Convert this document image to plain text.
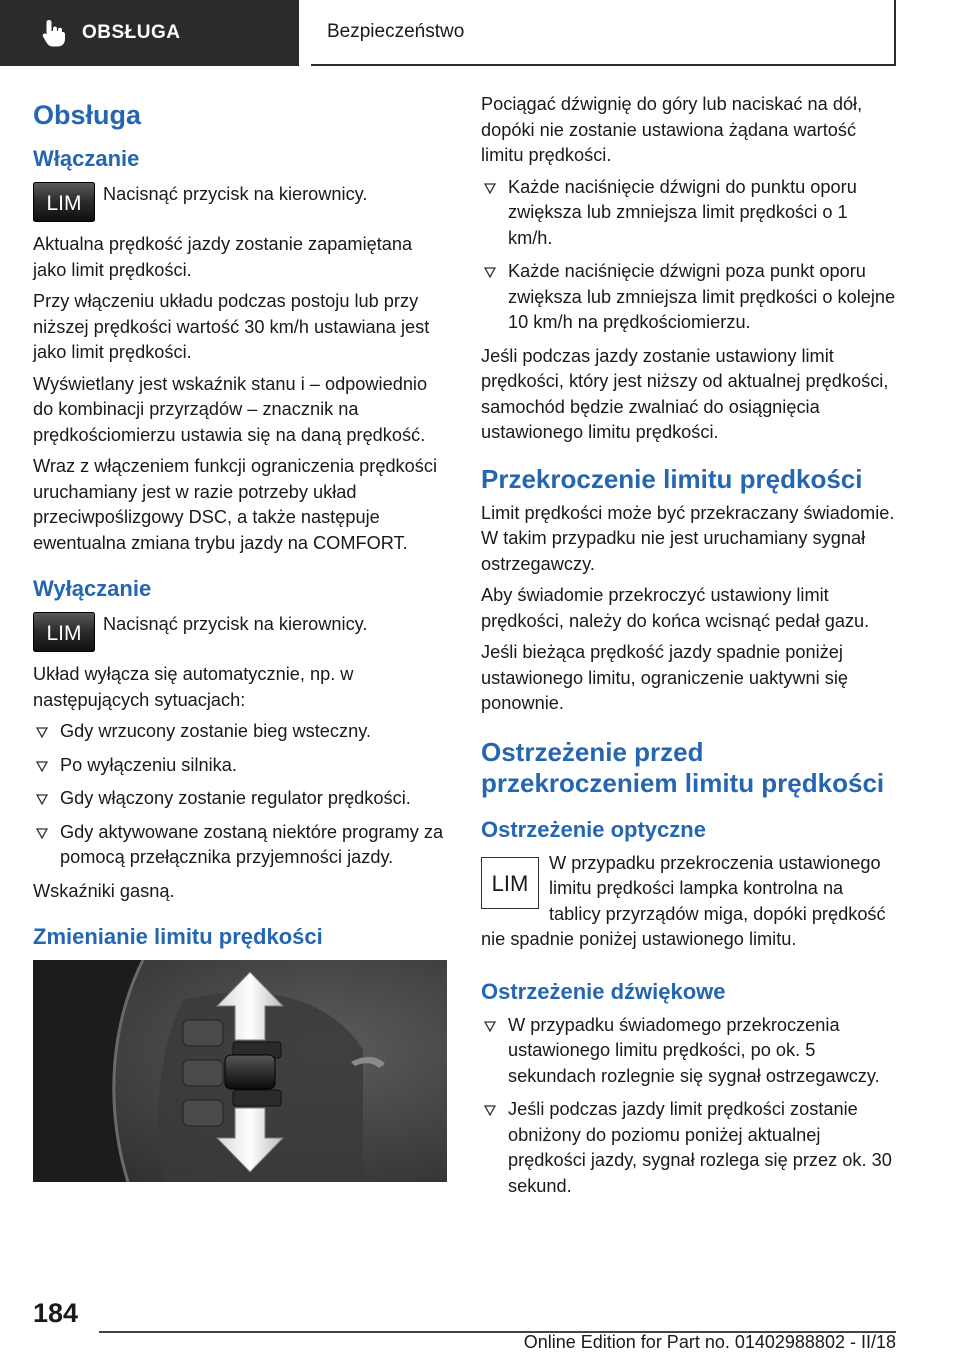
OBSŁUGA	Bezpieczeństwo
Obsługa
Włączanie
LIM Nacisnąć przycisk na kierownicy.
Aktualna prędkość jazdy zostanie zapamiętana jako limit prędkości.
Przy włączeniu układu podczas postoju lub przy niższej prędkości wartość 30 km/h ustawiana jest jako limit prędkości.
Wyświetlany jest wskaźnik stanu i – odpowiednio do kombinacji przyrządów – znacznik na prędkościomierzu ustawia się na daną prędkość.
Wraz z włączeniem funkcji ograniczenia prędkości uruchamiany jest w razie potrzeby układ przeciwpoślizgowy DSC, a także następuje ewentualna zmiana trybu jazdy na COMFORT.
Wyłączanie
LIM Nacisnąć przycisk na kierownicy.
Układ wyłącza się automatycznie, np. w następujących sytuacjach:
Gdy wrzucony zostanie bieg wsteczny.
Po wyłączeniu silnika.
Gdy włączony zostanie regulator prędkości.
Gdy aktywowane zostaną niektóre programy za pomocą przełącznika przyjemności jazdy.
Wskaźniki gasną.
Zmienianie limitu prędkości
Pociągać dźwignię do góry lub naciskać na dół, dopóki nie zostanie ustawiona żądana wartość limitu prędkości.
Każde naciśnięcie dźwigni do punktu oporu zwiększa lub zmniejsza limit prędkości o 1 km/h.
Każde naciśnięcie dźwigni poza punkt oporu zwiększa lub zmniejsza limit prędkości o kolejne 10 km/h na prędkościomierzu.
Jeśli podczas jazdy zostanie ustawiony limit prędkości, który jest niższy od aktualnej prędkości, samochód będzie zwalniać do osiągnięcia ustawionego limitu prędkości.
Przekroczenie limitu prędkości
Limit prędkości może być przekraczany świadomie. W takim przypadku nie jest uruchamiany sygnał ostrzegawczy.
Aby świadomie przekroczyć ustawiony limit prędkości, należy do końca wcisnąć pedał gazu.
Jeśli bieżąca prędkość jazdy spadnie poniżej ustawionego limitu, ograniczenie uaktywni się ponownie.
Ostrzeżenie przed przekroczeniem limitu prędkości
Ostrzeżenie optyczne
LIM
W przypadku przekroczenia ustawionego limitu prędkości lampka kontrolna na tablicy przyrządów miga, dopóki prędkość nie spadnie poniżej ustawionego limitu.
Ostrzeżenie dźwiękowe
W przypadku świadomego przekroczenia ustawionego limitu prędkości, po ok. 5 sekundach rozlegnie się sygnał ostrzegawczy.
Jeśli podczas jazdy limit prędkości zostanie obniżony do poziomu poniżej aktualnej prędkości jazdy, sygnał rozlega się przez ok. 30 sekund.
184
Online Edition for Part no. 01402988802 - II/18
